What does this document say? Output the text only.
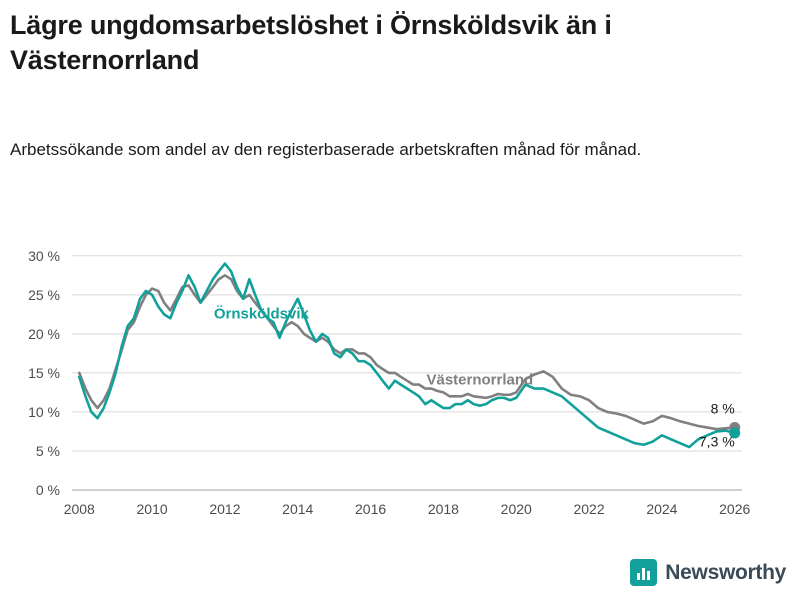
Lägre ungdomsarbetslöshet i Örnsköldsvik än i Västernorrland
Arbetssökande som andel av den registerbaserade arbetskraften månad för månad.
0 %
5 %
10 %
15 %
20 %
25 %
30 %
2008	2010	2012	2014	2016	2018	2020	2022	2024	2026
Örnsköldsvik
Västernorrland
8 %
7,3 %
Newsworthy
